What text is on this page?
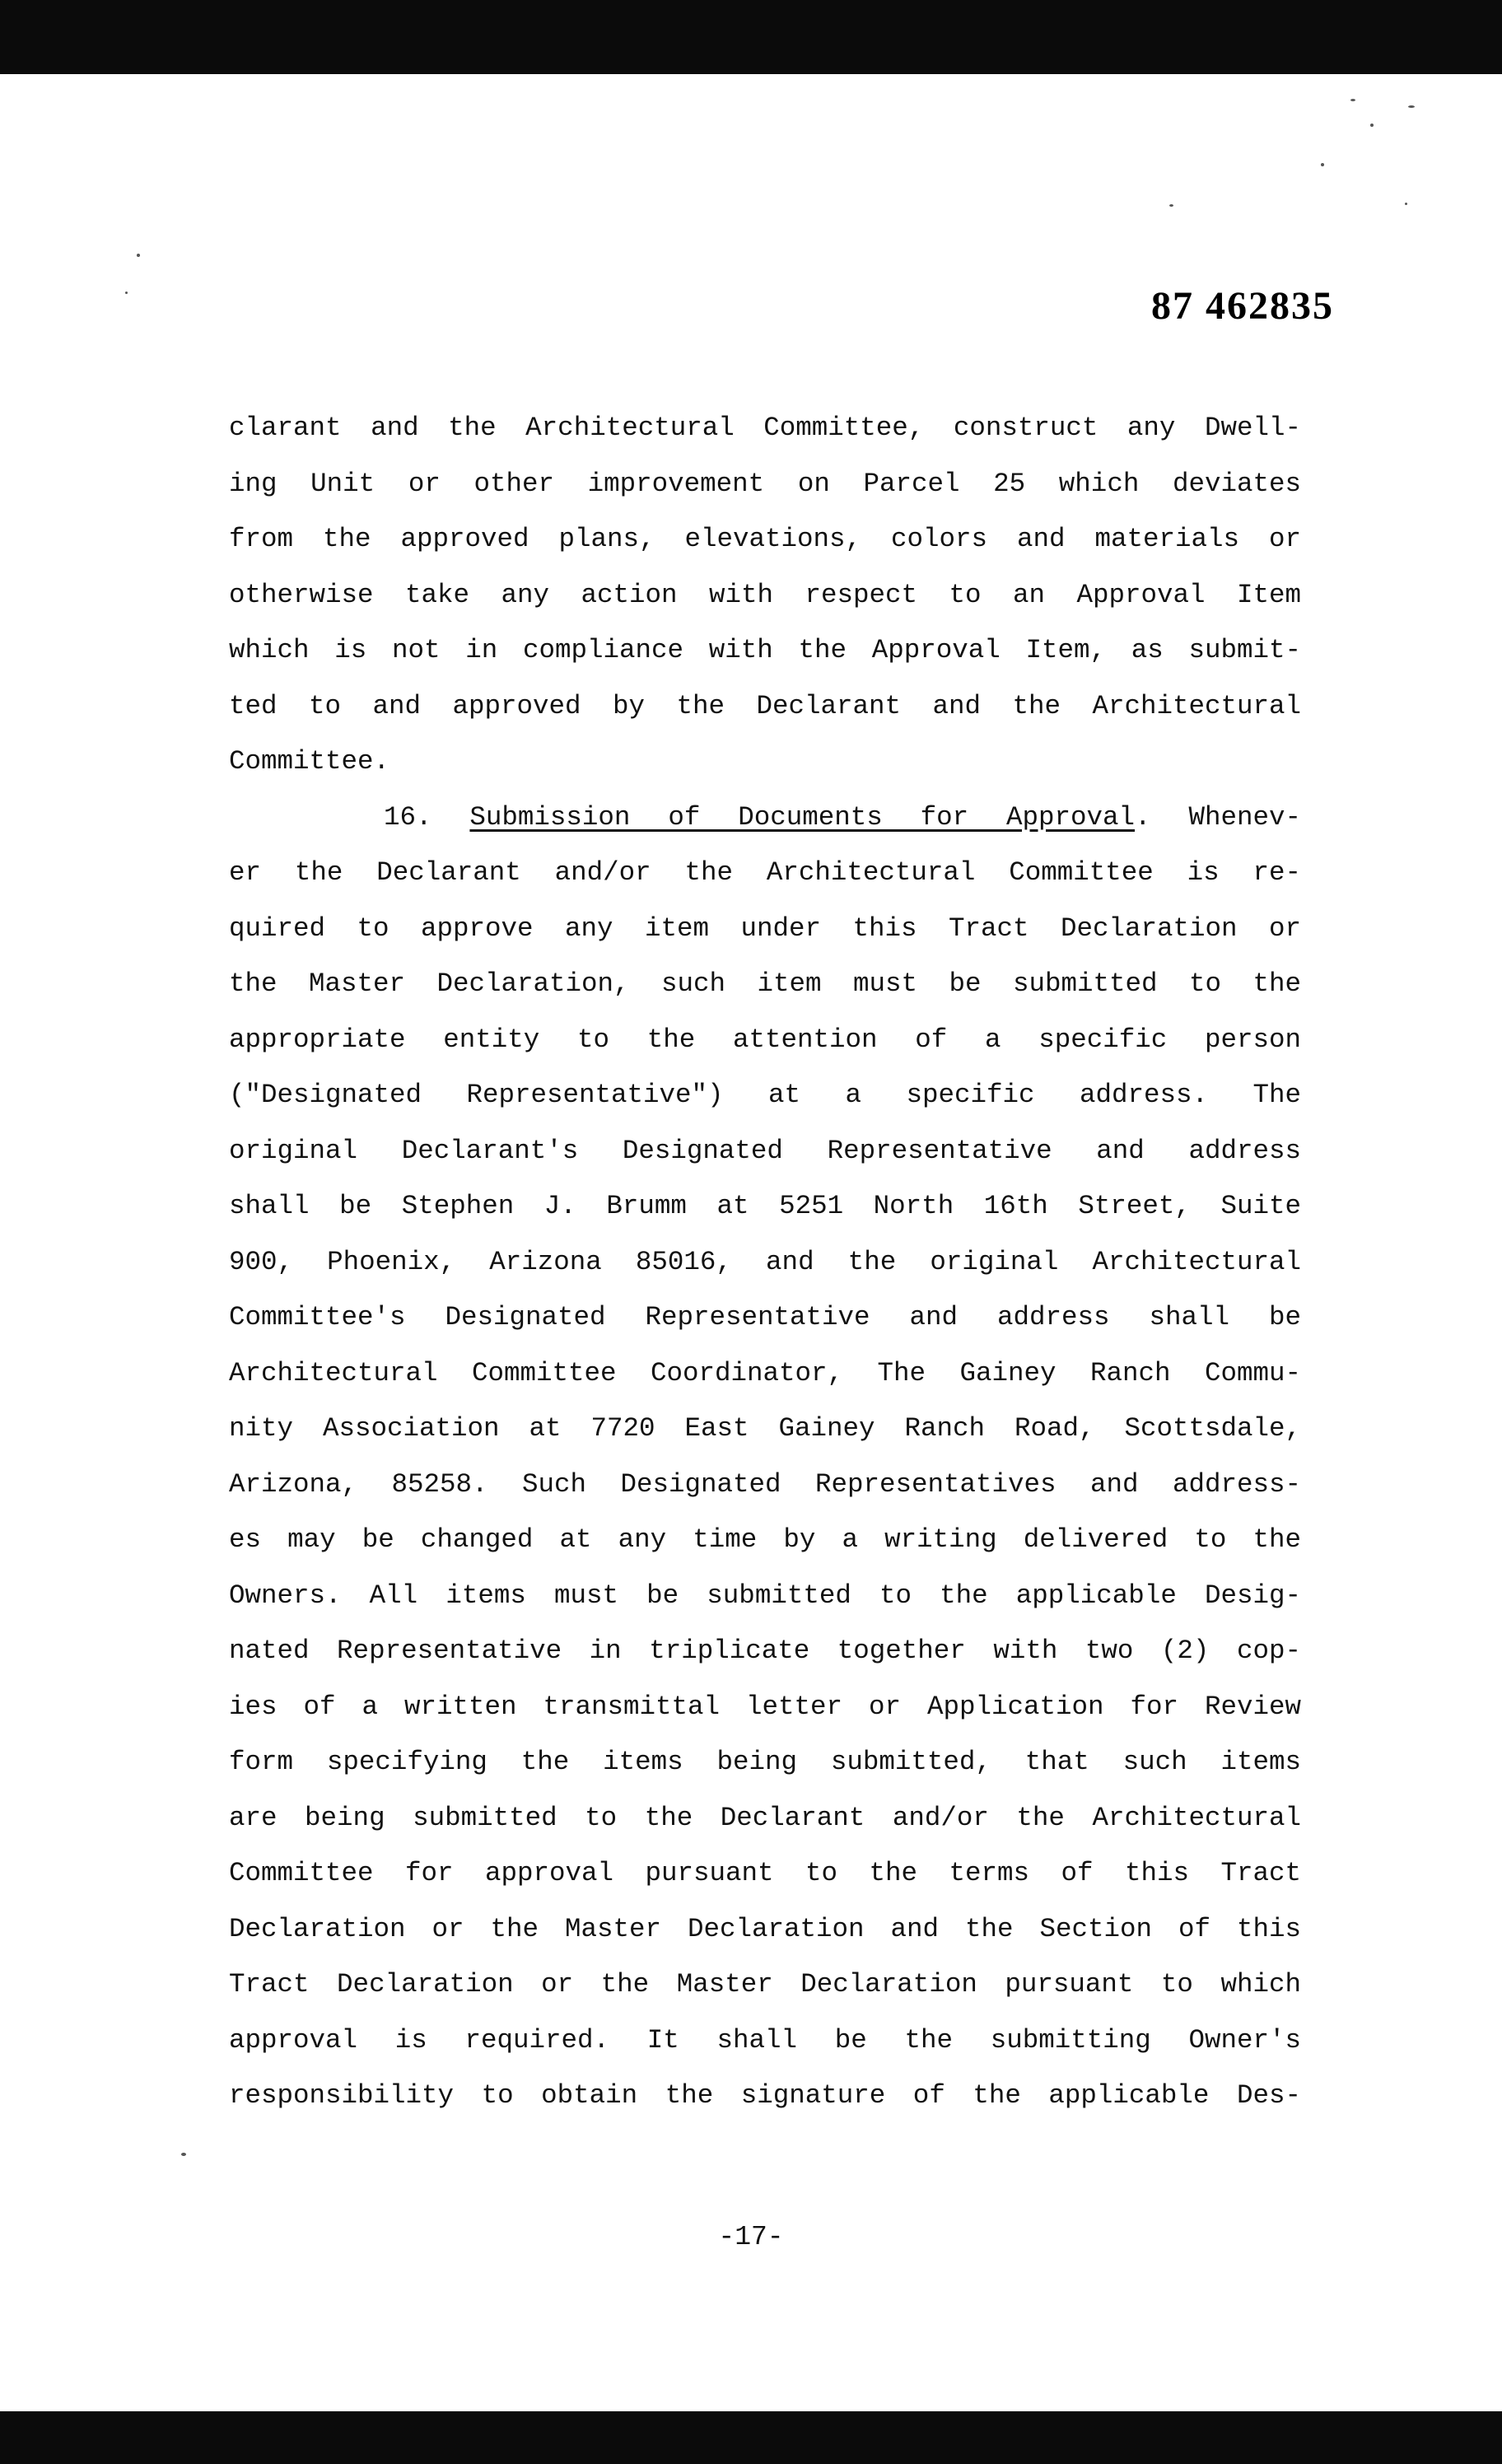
87 462835
clarant and the Architectural Committee, construct any Dwell-
ing Unit or other improvement on Parcel 25 which deviates
from the approved plans, elevations, colors and materials or
otherwise take any action with respect to an Approval Item
which is not in compliance with the Approval Item, as submit-
ted to and approved by the Declarant and the Architectural
Committee.
16. Submission of Documents for Approval. Whenev-
er the Declarant and/or the Architectural Committee is re-
quired to approve any item under this Tract Declaration or
the Master Declaration, such item must be submitted to the
appropriate entity to the attention of a specific person
("Designated Representative") at a specific address. The
original Declarant's Designated Representative and address
shall be Stephen J. Brumm at 5251 North 16th Street, Suite
900, Phoenix, Arizona 85016, and the original Architectural
Committee's Designated Representative and address shall be
Architectural Committee Coordinator, The Gainey Ranch Commu-
nity Association at 7720 East Gainey Ranch Road, Scottsdale,
Arizona, 85258. Such Designated Representatives and address-
es may be changed at any time by a writing delivered to the
Owners. All items must be submitted to the applicable Desig-
nated Representative in triplicate together with two (2) cop-
ies of a written transmittal letter or Application for Review
form specifying the items being submitted, that such items
are being submitted to the Declarant and/or the Architectural
Committee for approval pursuant to the terms of this Tract
Declaration or the Master Declaration and the Section of this
Tract Declaration or the Master Declaration pursuant to which
approval is required. It shall be the submitting Owner's
responsibility to obtain the signature of the applicable Des-
-17-
